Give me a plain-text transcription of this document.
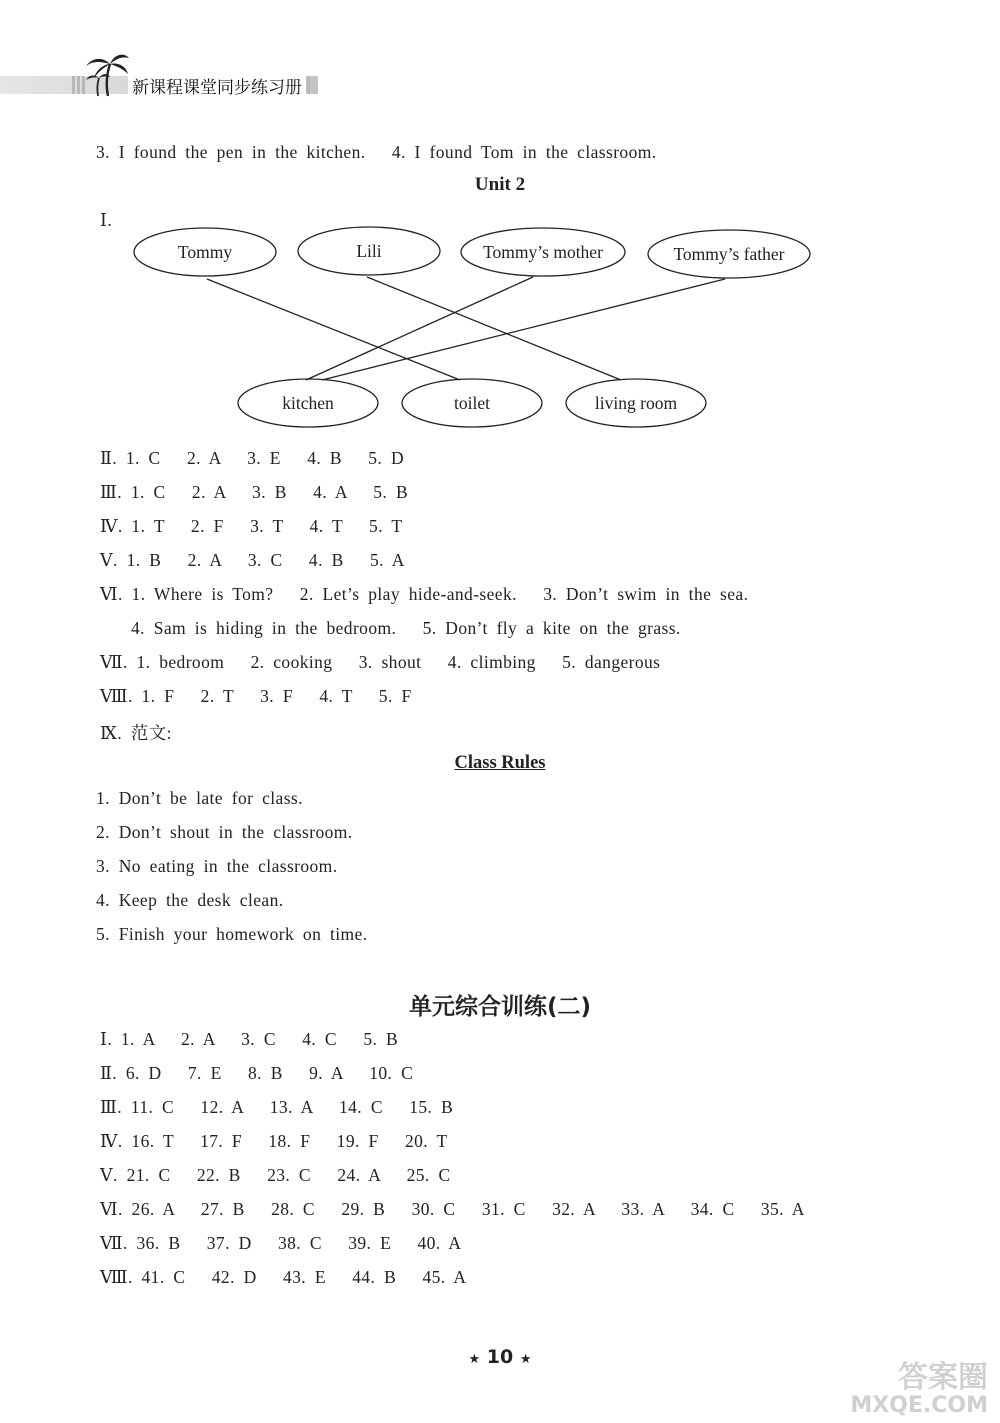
新课程课堂同步练习册
3. I found the pen in the kitchen.   4. I found Tom in the classroom.
Unit 2
Ⅰ.
Tommy	Lili	Tommy’s mother	Tommy’s father
kitchen	toilet	living room
Ⅱ. 1. C   2. A   3. E   4. B   5. D
Ⅲ. 1. C   2. A   3. B   4. A   5. B
Ⅳ. 1. T   2. F   3. T   4. T   5. T
Ⅴ. 1. B   2. A   3. C   4. B   5. A
Ⅵ. 1. Where is Tom?   2. Let’s play hide-and-seek.   3. Don’t swim in the sea.
4. Sam is hiding in the bedroom.   5. Don’t fly a kite on the grass.
Ⅶ. 1. bedroom   2. cooking   3. shout   4. climbing   5. dangerous
Ⅷ. 1. F   2. T   3. F   4. T   5. F
Ⅸ. 范文:
Class Rules
1. Don’t be late for class.
2. Don’t shout in the classroom.
3. No eating in the classroom.
4. Keep the desk clean.
5. Finish your homework on time.
单元综合训练(二)
Ⅰ. 1. A   2. A   3. C   4. C   5. B
Ⅱ. 6. D   7. E   8. B   9. A   10. C
Ⅲ. 11. C   12. A   13. A   14. C   15. B
Ⅳ. 16. T   17. F   18. F   19. F   20. T
Ⅴ. 21. C   22. B   23. C   24. A   25. C
Ⅵ. 26. A   27. B   28. C   29. B   30. C   31. C   32. A   33. A   34. C   35. A
Ⅶ. 36. B   37. D   38. C   39. E   40. A
Ⅷ. 41. C   42. D   43. E   44. B   45. A
★ 10 ★
答案圈
MXQE.COM
